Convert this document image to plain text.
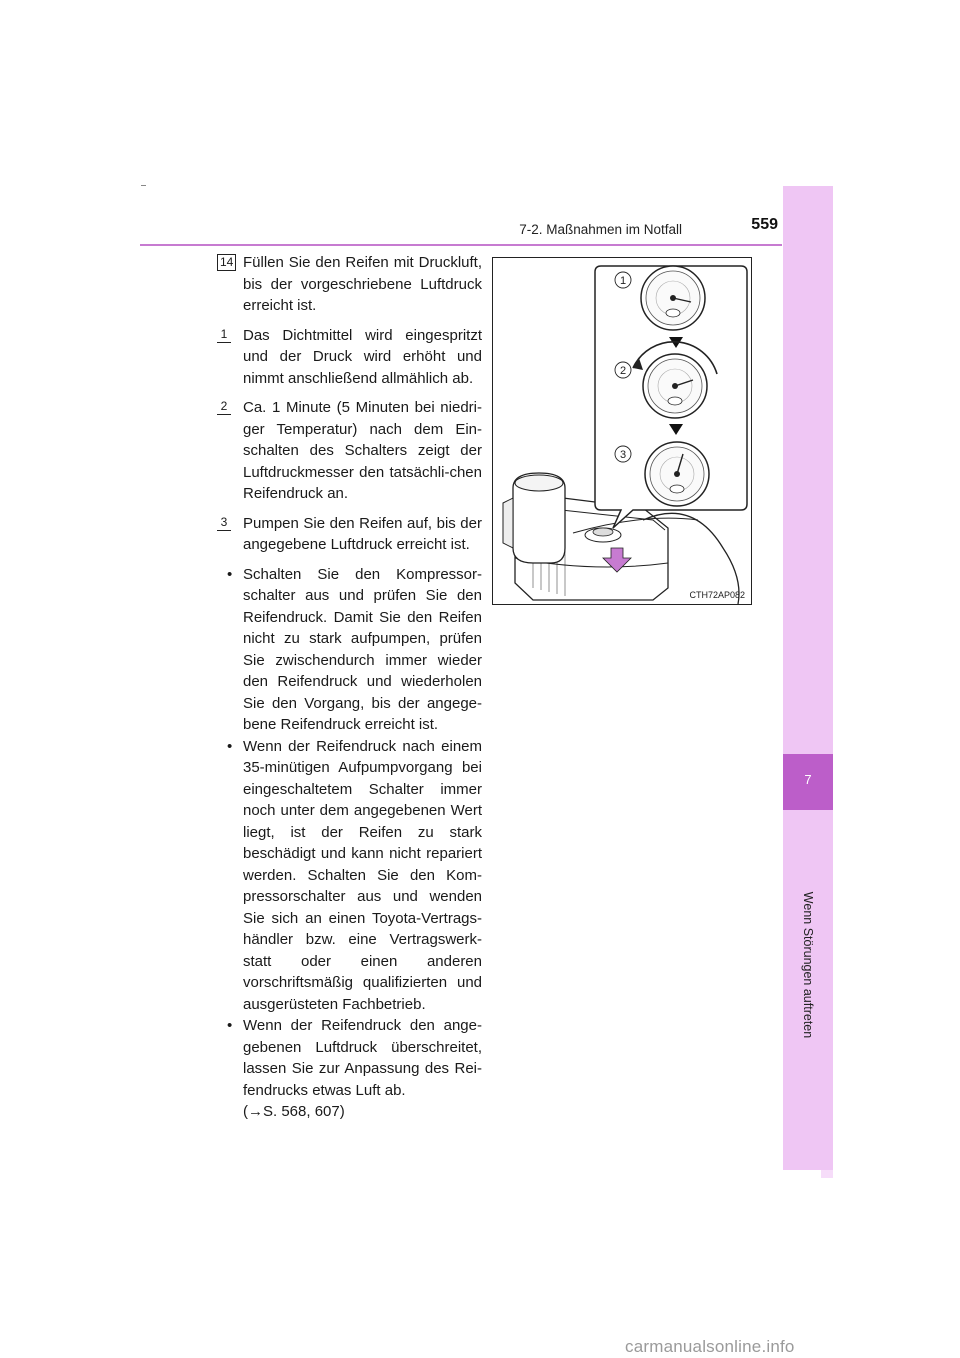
7-2. Maßnahmen im Notfall	559
7
Wenn Störungen auftreten
14 Füllen Sie den Reifen mit Druckluft, bis der vorgeschriebene Luftdruck erreicht ist.

1 Das Dichtmittel wird eingespritzt und der Druck wird erhöht und nimmt anschließend allmählich ab.

2 Ca. 1 Minute (5 Minuten bei niedri-ger Temperatur) nach dem Ein-schalten des Schalters zeigt der Luftdruckmesser den tatsächli-chen Reifendruck an.

3 Pumpen Sie den Reifen auf, bis der angegebene Luftdruck erreicht ist.

• Schalten Sie den Kompressor-schalter aus und prüfen Sie den Reifendruck. Damit Sie den Reifen nicht zu stark aufpumpen, prüfen Sie zwischendurch immer wieder den Reifendruck und wiederholen Sie den Vorgang, bis der angege-bene Reifendruck erreicht ist.

• Wenn der Reifendruck nach einem 35-minütigen Aufpumpvorgang bei eingeschaltetem Schalter immer noch unter dem angegebenen Wert liegt, ist der Reifen zu stark beschädigt und kann nicht repariert werden. Schalten Sie den Kom-pressorschalter aus und wenden Sie sich an einen Toyota-Vertrags-händler bzw. eine Vertragswerk-statt oder einen anderen vorschriftsmäßig qualifizierten und ausgerüsteten Fachbetrieb.

• Wenn der Reifendruck den ange-gebenen Luftdruck überschreitet, lassen Sie zur Anpassung des Rei-fendrucks etwas Luft ab.

(→S. 568, 607)

1
2
3
CTH72AP082
carmanualsonline.info
